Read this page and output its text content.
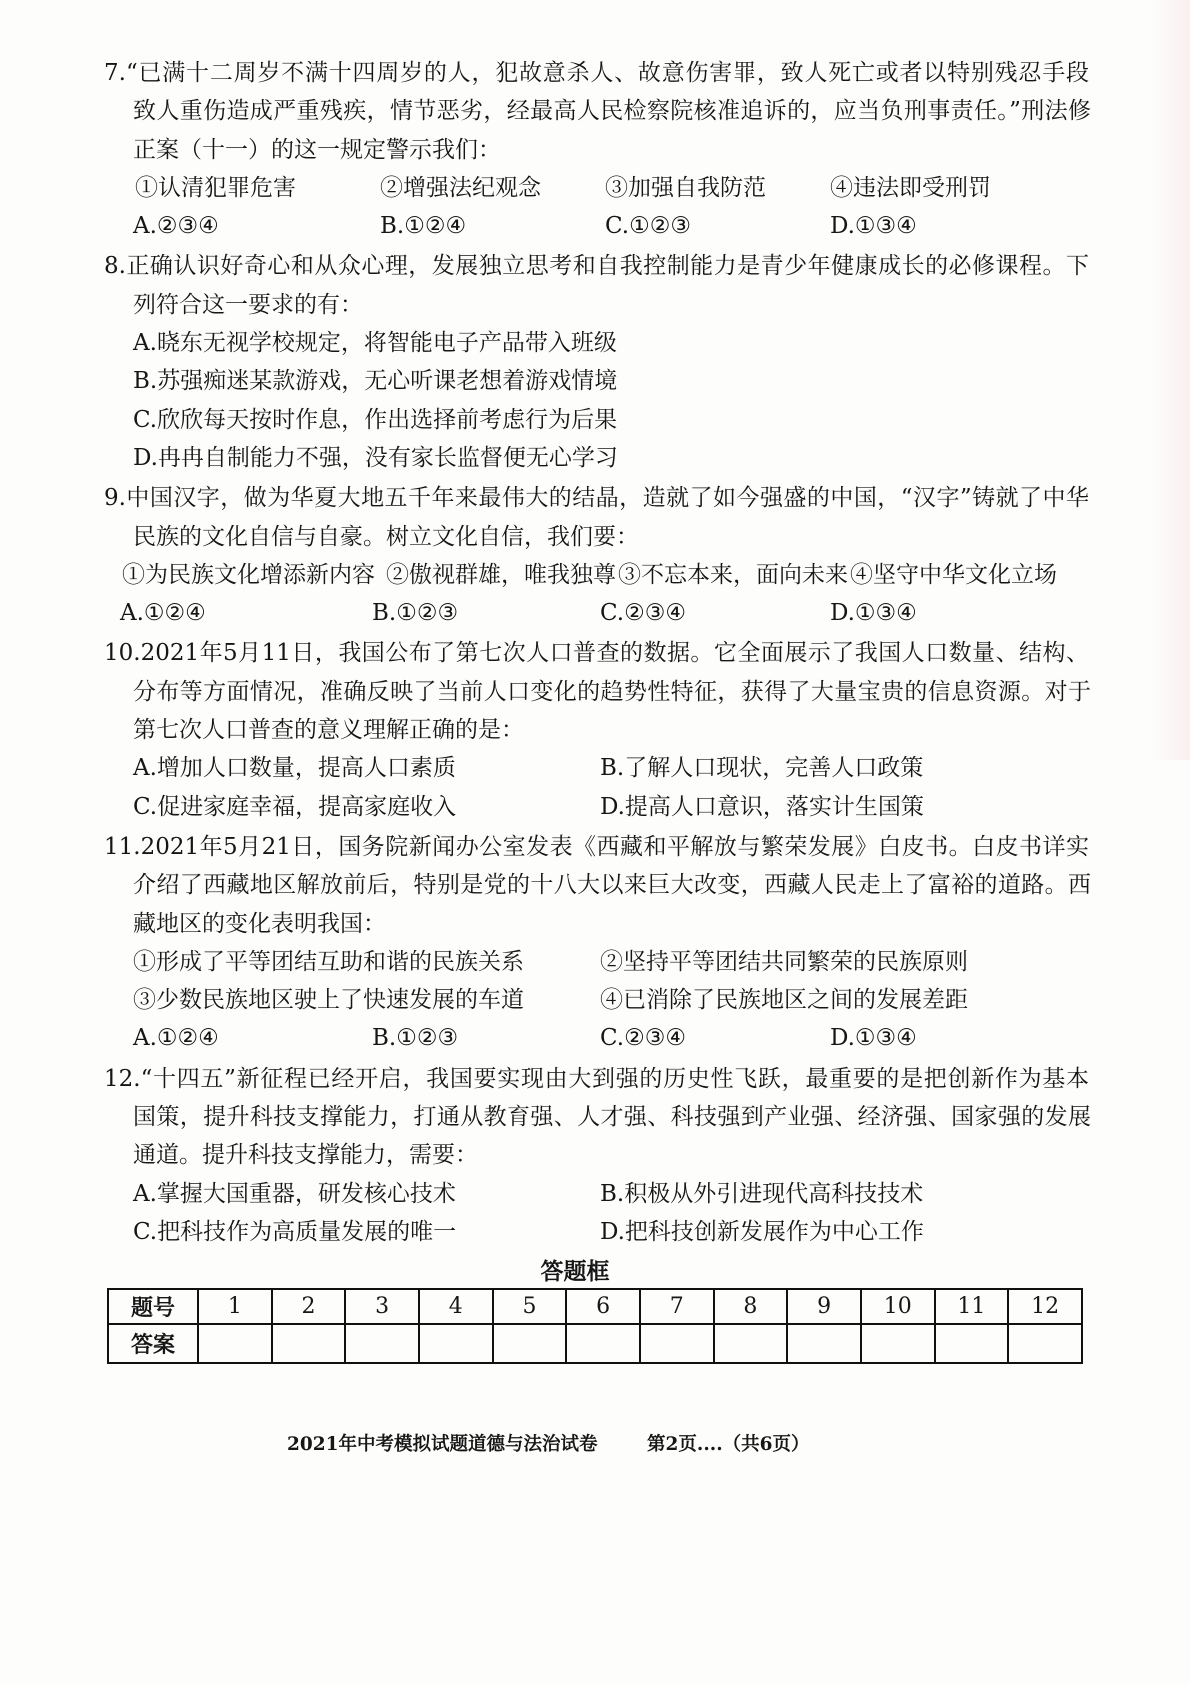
7.“已满十二周岁不满十四周岁的人，犯故意杀人、故意伤害罪，致人死亡或者以特别残忍手段
致人重伤造成严重残疾，情节恶劣，经最高人民检察院核准追诉的，应当负刑事责任。”刑法修
正案（十一）的这一规定警示我们：
①认清犯罪危害	②增强法纪观念	③加强自我防范	④违法即受刑罚
A.②③④	B.①②④	C.①②③	D.①③④
8.正确认识好奇心和从众心理，发展独立思考和自我控制能力是青少年健康成长的必修课程。下
列符合这一要求的有：
A.晓东无视学校规定，将智能电子产品带入班级
B.苏强痴迷某款游戏，无心听课老想着游戏情境
C.欣欣每天按时作息，作出选择前考虑行为后果
D.冉冉自制能力不强，没有家长监督便无心学习
9.中国汉字，做为华夏大地五千年来最伟大的结晶，造就了如今强盛的中国，“汉字”铸就了中华
民族的文化自信与自豪。树立文化自信，我们要：
①为民族文化增添新内容 ②傲视群雄，唯我独尊 ③不忘本来，面向未来 ④坚守中华文化立场
A.①②④	B.①②③	C.②③④	D.①③④
10.2021年5月11日，我国公布了第七次人口普查的数据。它全面展示了我国人口数量、结构、
分布等方面情况，准确反映了当前人口变化的趋势性特征，获得了大量宝贵的信息资源。对于
第七次人口普查的意义理解正确的是：
A.增加人口数量，提高人口素质	B.了解人口现状，完善人口政策
C.促进家庭幸福，提高家庭收入	D.提高人口意识，落实计生国策
11.2021年5月21日，国务院新闻办公室发表《西藏和平解放与繁荣发展》白皮书。白皮书详实
介绍了西藏地区解放前后，特别是党的十八大以来巨大改变，西藏人民走上了富裕的道路。西
藏地区的变化表明我国：
①形成了平等团结互助和谐的民族关系	②坚持平等团结共同繁荣的民族原则
③少数民族地区驶上了快速发展的车道	④已消除了民族地区之间的发展差距
A.①②④	B.①②③	C.②③④	D.①③④
12.“十四五”新征程已经开启，我国要实现由大到强的历史性飞跃，最重要的是把创新作为基本
国策，提升科技支撑能力，打通从教育强、人才强、科技强到产业强、经济强、国家强的发展
通道。提升科技支撑能力，需要：
A.掌握大国重器，研发核心技术	B.积极从外引进现代高科技技术
C.把科技作为高质量发展的唯一	D.把科技创新发展作为中心工作
答题框
题号	1	2	3	4	5	6	7	8	9	10	11	12
答案												
2021年中考模拟试题道德与法治试卷	第2页....（共6页）
